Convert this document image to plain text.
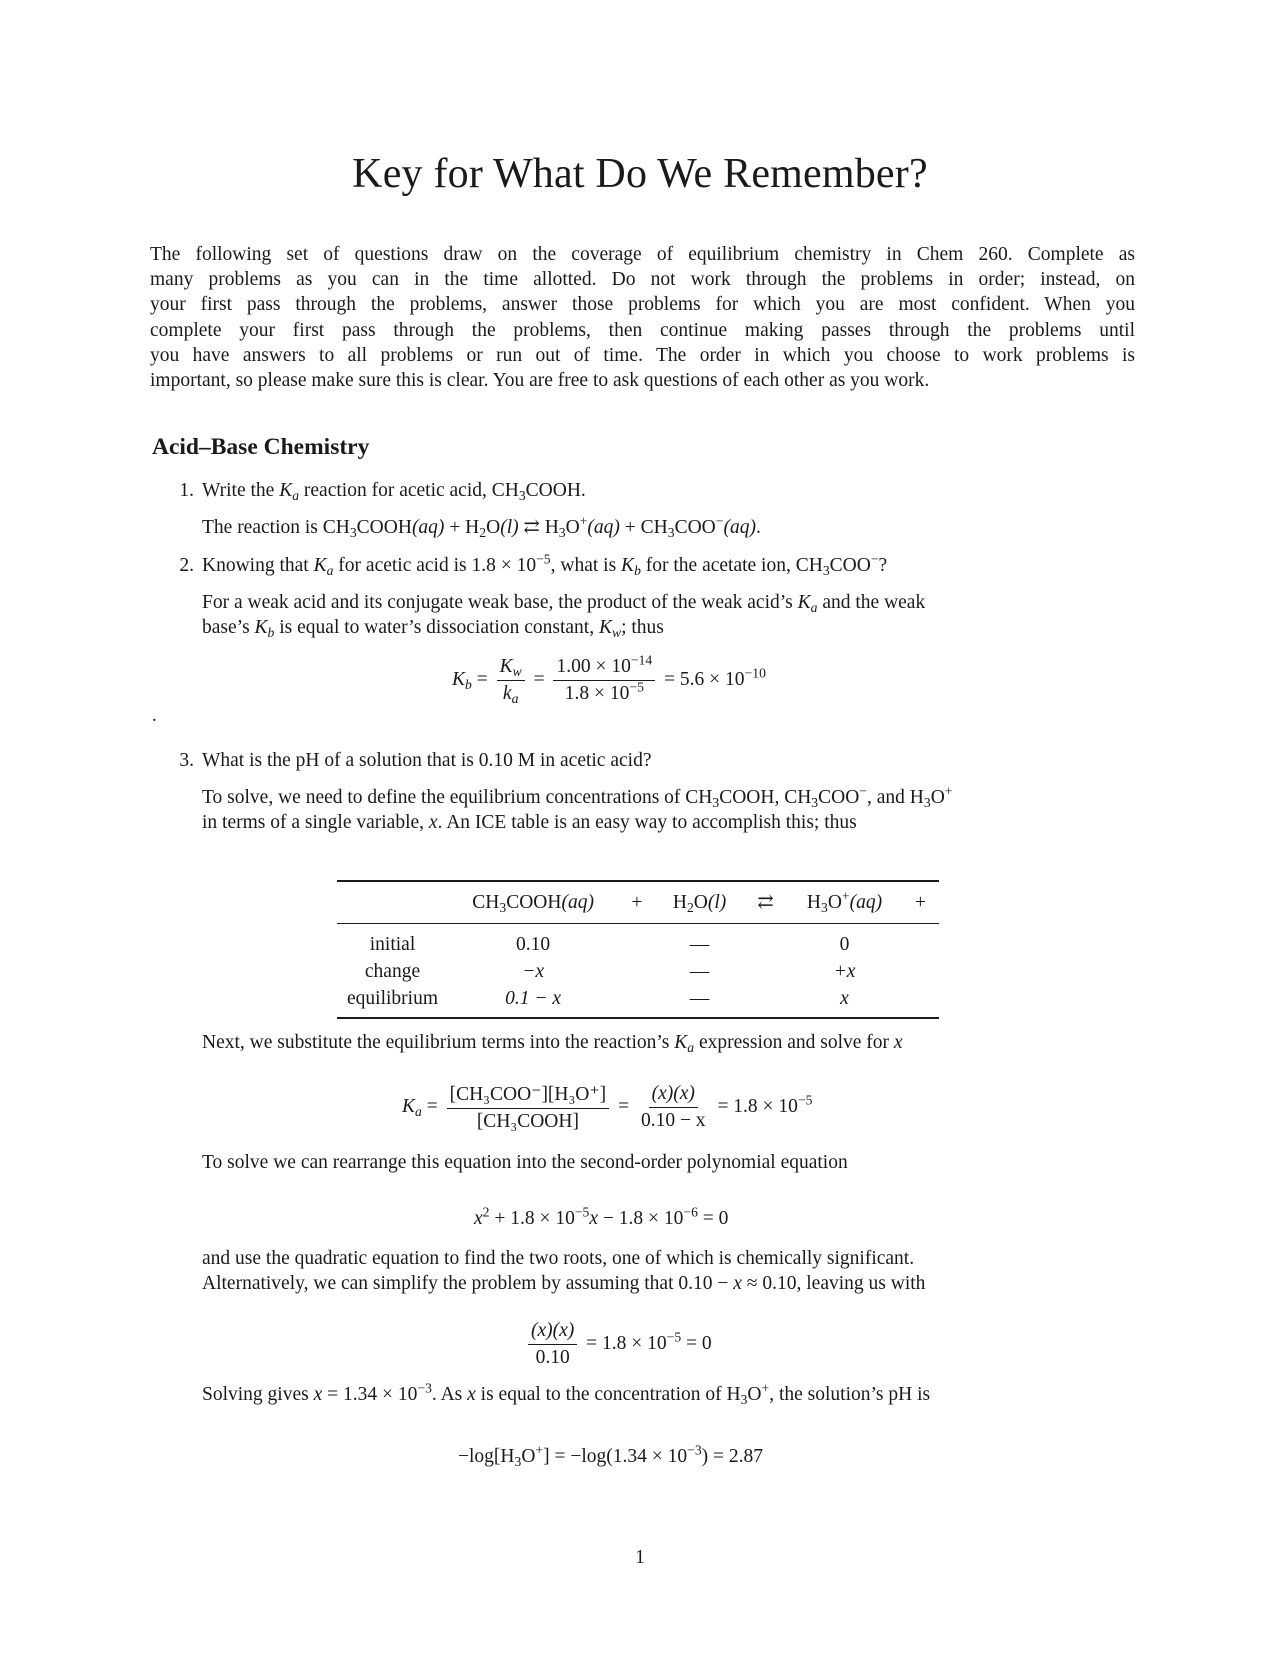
Key for What Do We Remember?
The following set of questions draw on the coverage of equilibrium chemistry in Chem 260. Complete as
many problems as you can in the time allotted. Do not work through the problems in order; instead, on
your first pass through the problems, answer those problems for which you are most confident. When you
complete your first pass through the problems, then continue making passes through the problems until
you have answers to all problems or run out of time. The order in which you choose to work problems is
important, so please make sure this is clear. You are free to ask questions of each other as you work.
Acid–Base Chemistry
1. Write the $K_a$ reaction for acetic acid, $CH_3COOH$.
The reaction is $CH_3COOH(aq) + H_2O(l)$ ⇄ $H_3O^+(aq) + CH_3COO^-(aq)$.
2. Knowing that $K_a$ for acetic acid is $1.8 \times 10^{-5}$, what is $K_b$ for the acetate ion, $CH_3COO^-$?
For a weak acid and its conjugate weak base, the product of the weak acid’s $K_a$ and the weak
base’s $K_b$ is equal to water’s dissociation constant, $K_w$; thus
$K_b = \frac{K_w}{k_a} = \frac{1.00 \times 10^{-14}}{1.8 \times 10^{-5}} = 5.6 \times 10^{-10}$
.
3. What is the pH of a solution that is 0.10 M in acetic acid?
To solve, we need to define the equilibrium concentrations of $CH_3COOH$, $CH_3COO^-$, and $H_3O^+$
in terms of a single variable, x. An ICE table is an easy way to accomplish this; thus
	$CH_3COOH(aq)$	+	$H_2O(l)$	⇄	$H_3O^+(aq)$	+
initial	0.10		—		0	
change	−x		—		+x	
equilibrium	0.1 − x		—		x	
Next, we substitute the equilibrium terms into the reaction’s $K_a$ expression and solve for x
$K_a = \frac{\text{[CH₃COO⁻][H₃O⁺]}}{\text{[CH₃COOH]}} = \frac{(x)(x)}{0.10 - x} = 1.8 \times 10^{-5}$
To solve we can rearrange this equation into the second-order polynomial equation
$x^2 + 1.8 \times 10^{-5}x - 1.8 \times 10^{-6} = 0$
and use the quadratic equation to find the two roots, one of which is chemically significant.
Alternatively, we can simplify the problem by assuming that 0.10 − x ≈ 0.10, leaving us with
$\frac{(x)(x)}{0.10} = 1.8 \times 10^{-5} = 0$
Solving gives $x = 1.34 \times 10^{-3}$. As x is equal to the concentration of $H_3O^+$, the solution’s pH is
$-\log[H_3O^+] = -\log(1.34 \times 10^{-3}) = 2.87$
1
